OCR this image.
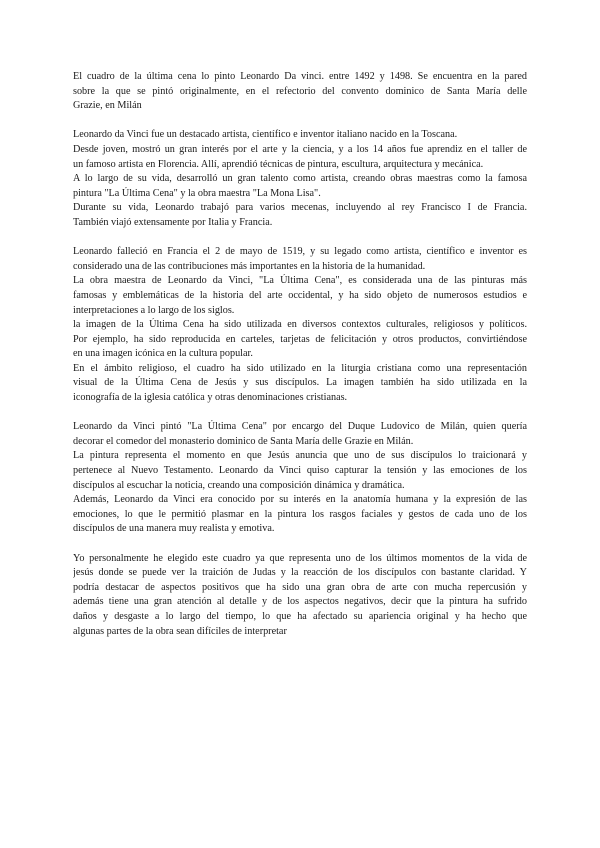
El cuadro de la última cena lo pinto Leonardo Da vinci. entre 1492 y 1498. Se encuentra en la pared
sobre la que se pintó originalmente, en el refectorio del convento dominico de Santa María delle
Grazie, en Milán
Leonardo da Vinci fue un destacado artista, científico e inventor italiano nacido en la Toscana.
Desde joven, mostró un gran interés por el arte y la ciencia, y a los 14 años fue aprendiz en el taller de
un famoso artista en Florencia. Allí, aprendió técnicas de pintura, escultura, arquitectura y mecánica.
A lo largo de su vida, desarrolló un gran talento como artista, creando obras maestras como la famosa
pintura "La Última Cena" y la obra maestra "La Mona Lisa".
Durante su vida, Leonardo trabajó para varios mecenas, incluyendo al rey Francisco I de Francia.
También viajó extensamente por Italia y Francia.
Leonardo falleció en Francia el 2 de mayo de 1519, y su legado como artista, científico e inventor es
considerado una de las contribuciones más importantes en la historia de la humanidad.
La obra maestra de Leonardo da Vinci, "La Última Cena", es considerada una de las pinturas más
famosas y emblemáticas de la historia del arte occidental, y ha sido objeto de numerosos estudios e
interpretaciones a lo largo de los siglos.
la imagen de la Última Cena ha sido utilizada en diversos contextos culturales, religiosos y políticos.
Por ejemplo, ha sido reproducida en carteles, tarjetas de felicitación y otros productos, convirtiéndose
en una imagen icónica en la cultura popular.
En el ámbito religioso, el cuadro ha sido utilizado en la liturgia cristiana como una representación
visual de la Última Cena de Jesús y sus discípulos. La imagen también ha sido utilizada en la
iconografía de la iglesia católica y otras denominaciones cristianas.
Leonardo da Vinci pintó "La Última Cena" por encargo del Duque Ludovico de Milán, quien quería
decorar el comedor del monasterio dominico de Santa María delle Grazie en Milán.
La pintura representa el momento en que Jesús anuncia que uno de sus discípulos lo traicionará y
pertenece al Nuevo Testamento. Leonardo da Vinci quiso capturar la tensión y las emociones de los
discípulos al escuchar la noticia, creando una composición dinámica y dramática.
Además, Leonardo da Vinci era conocido por su interés en la anatomía humana y la expresión de las
emociones, lo que le permitió plasmar en la pintura los rasgos faciales y gestos de cada uno de los
discípulos de una manera muy realista y emotiva.
Yo personalmente he elegido este cuadro ya que representa uno de los últimos momentos de la vida de
jesús donde se puede ver la traición de Judas y la reacción de los discípulos con bastante claridad. Y
podría destacar de aspectos positivos que ha sido una gran obra de arte con mucha repercusión y
además tiene una gran atención al detalle y de los aspectos negativos, decir que la pintura ha sufrido
daños y desgaste a lo largo del tiempo, lo que ha afectado su apariencia original y ha hecho que
algunas partes de la obra sean difíciles de interpretar
